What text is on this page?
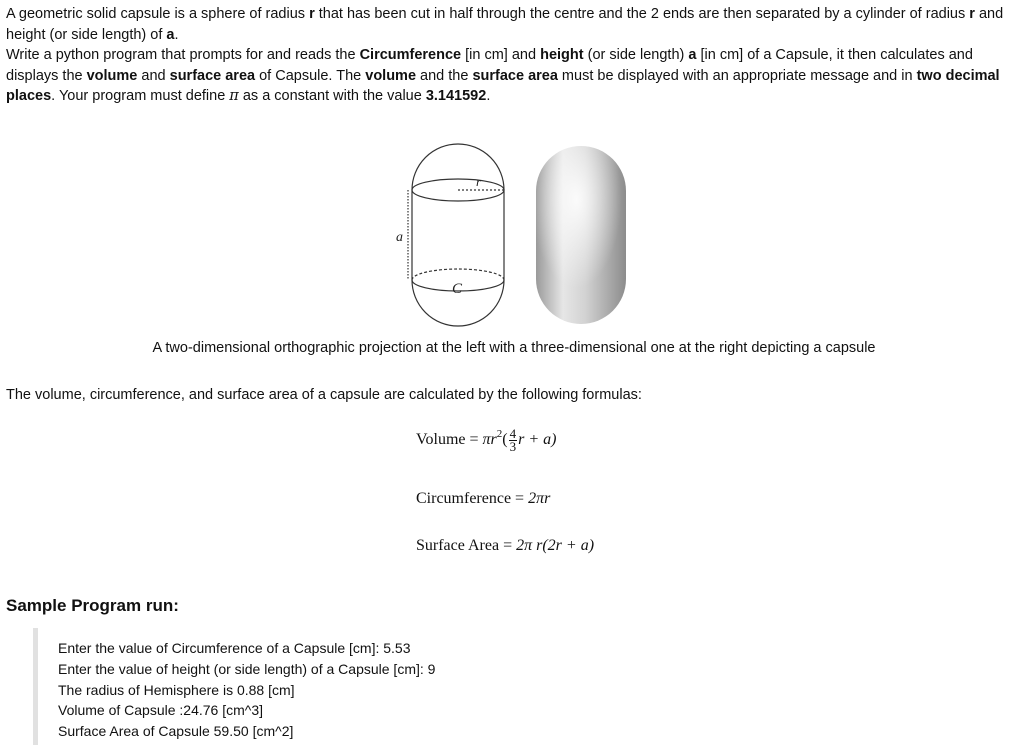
A geometric solid capsule is a sphere of radius r that has been cut in half through the centre and the 2 ends are then separated by a cylinder of radius r and height (or side length) of a.

Write a python program that prompts for and reads the Circumference [in cm] and height (or side length) a [in cm] of a Capsule, it then calculates and displays the volume and surface area of Capsule. The volume and the surface area must be displayed with an appropriate message and in two decimal places. Your program must define π as a constant with the value 3.141592.

r
a
C
A two-dimensional orthographic projection at the left with a three-dimensional one at the right depicting a capsule
The volume, circumference, and surface area of a capsule are calculated by the following formulas:
Volume = $\pi r^2( \frac{4}{3}$ r + a)
Circumference = 2πr
Surface Area = 2π r(2r + a)
Sample Program run:
Enter the value of Circumference of a Capsule [cm]: 5.53
Enter the value of height (or side length) of a Capsule [cm]: 9
The radius of Hemisphere is 0.88 [cm]
Volume of Capsule :24.76 [cm^3]
Surface Area of Capsule 59.50 [cm^2]
